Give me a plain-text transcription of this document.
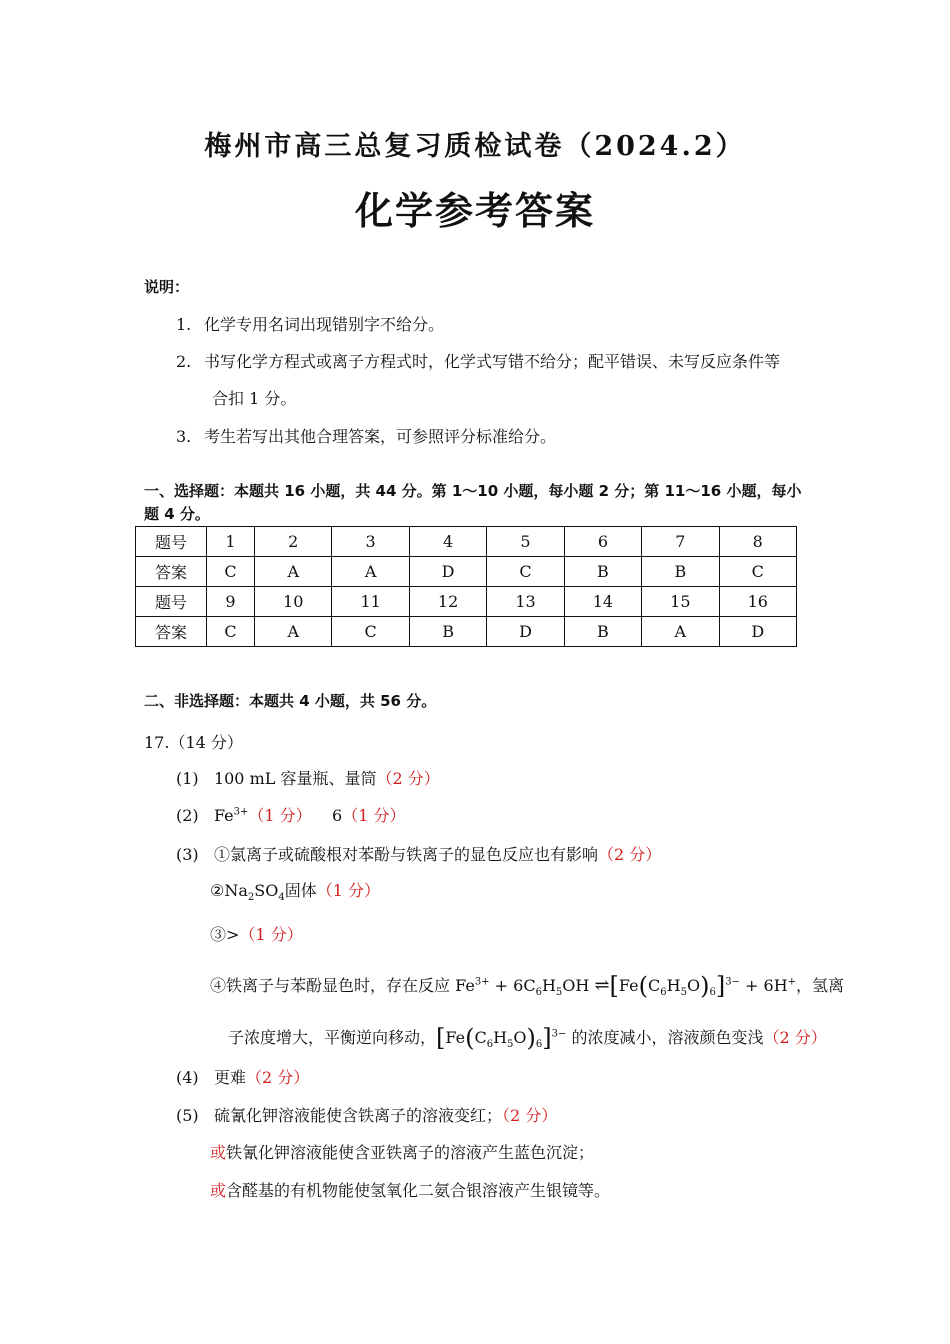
梅州市高三总复习质检试卷（2024.2）
化学参考答案
说明：
1. 化学专用名词出现错别字不给分。
2. 书写化学方程式或离子方程式时，化学式写错不给分；配平错误、未写反应条件等
合扣 1 分。
3. 考生若写出其他合理答案，可参照评分标准给分。
一、选择题：本题共 16 小题，共 44 分。第 1～10 小题，每小题 2 分；第 11～16 小题，每小题 4 分。
题号	1	2	3	4	5	6	7	8
答案	C	A	A	D	C	B	B	C
题号	9	10	11	12	13	14	15	16
答案	C	A	C	B	D	B	A	D
二、非选择题：本题共 4 小题，共 56 分。
17.（14 分）
(1) 100 mL 容量瓶、量筒（2 分）
(2) $Fe^{3+}(1$ 分） 6（1 分）
(3) ①氯离子或硫酸根对苯酚与铁离子的显色反应也有影响（2 分）
$②Na_2SO_4$固体（1 分）
③>（1 分）
④铁离子与苯酚显色时，存在反应 $Fe^{3+} + 6C_6H_5OH$ $\rightleftharpoons[Fe(C_6H_5O)_6]^{3-} + 6H^+$，氢离
子浓度增大，平衡逆向移动，$[Fe(C_6H_5O)_6]^{3-}$ 的浓度减小，溶液颜色变浅（2 分）
(4) 更难（2 分）
(5) 硫氰化钾溶液能使含铁离子的溶液变红；（2 分）
或铁氰化钾溶液能使含亚铁离子的溶液产生蓝色沉淀；
或含醛基的有机物能使氢氧化二氨合银溶液产生银镜等。
